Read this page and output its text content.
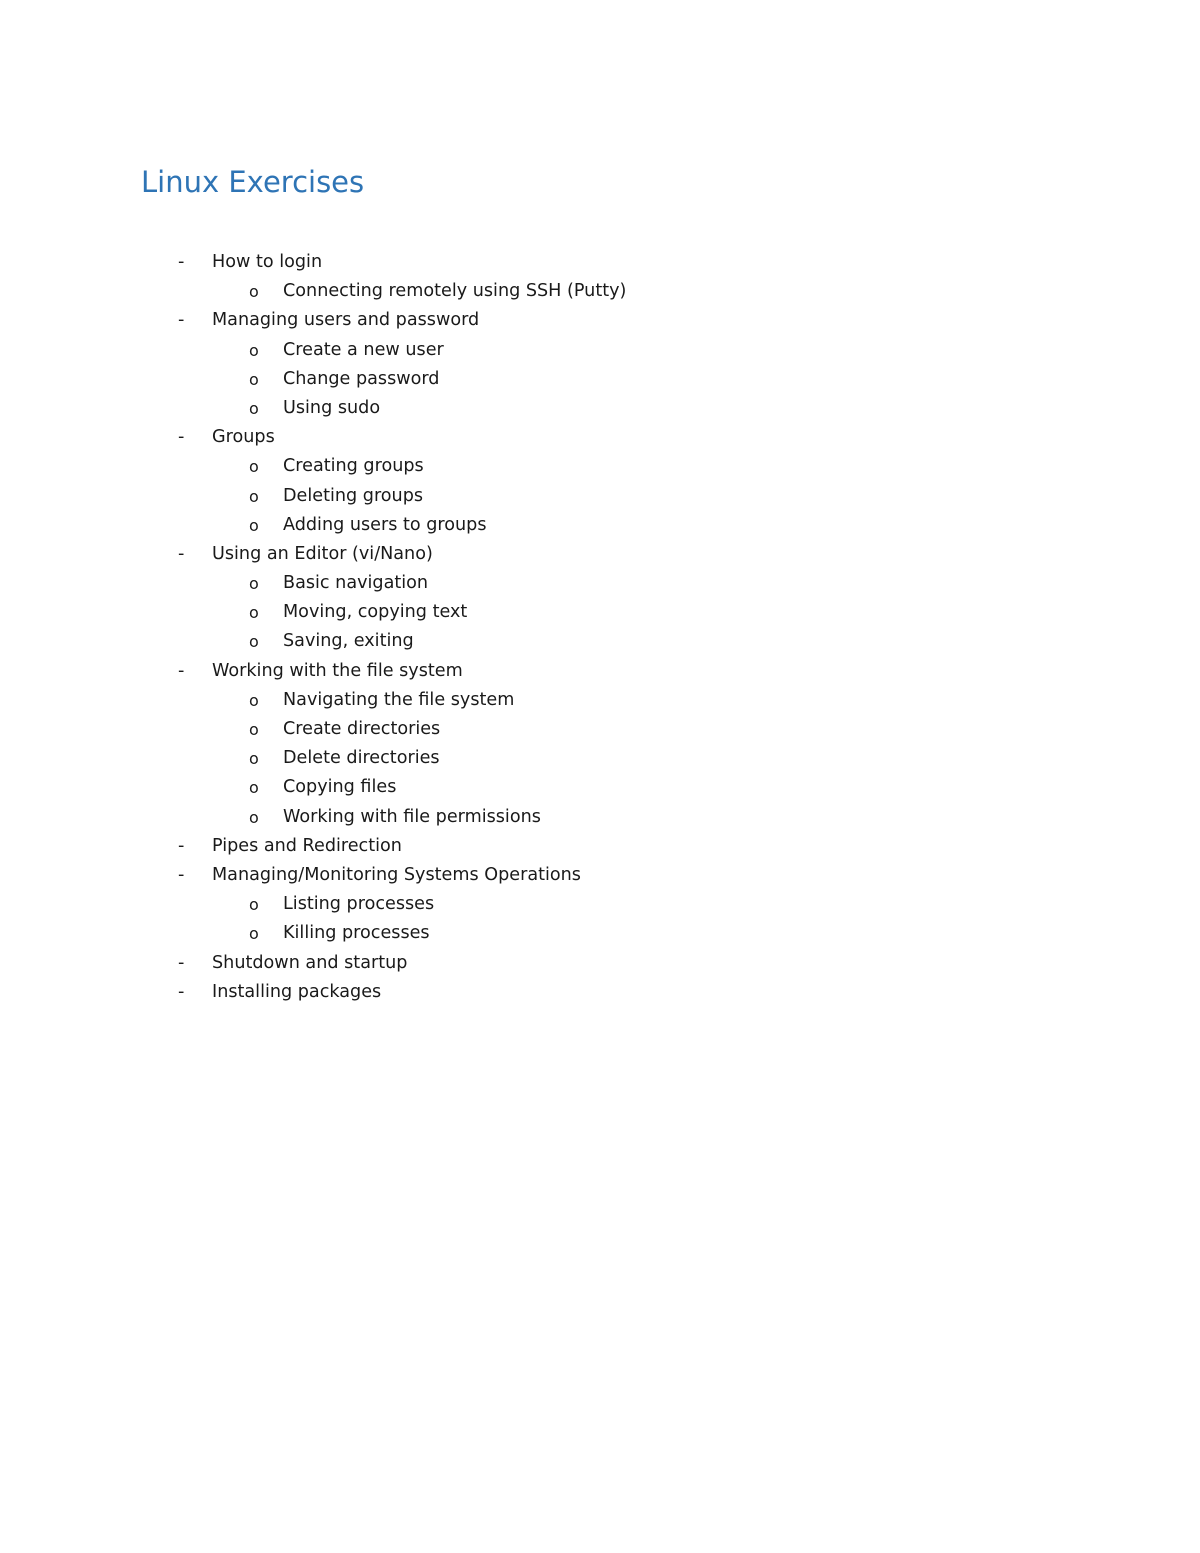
Linux Exercises
- How to login
o Connecting remotely using SSH (Putty)
- Managing users and password
o Create a new user
o Change password
o Using sudo
- Groups
o Creating groups
o Deleting groups
o Adding users to groups
- Using an Editor (vi/Nano)
o Basic navigation
o Moving, copying text
o Saving, exiting
- Working with the file system
o Navigating the file system
o Create directories
o Delete directories
o Copying files
o Working with file permissions
- Pipes and Redirection
- Managing/Monitoring Systems Operations
o Listing processes
o Killing processes
- Shutdown and startup
- Installing packages
